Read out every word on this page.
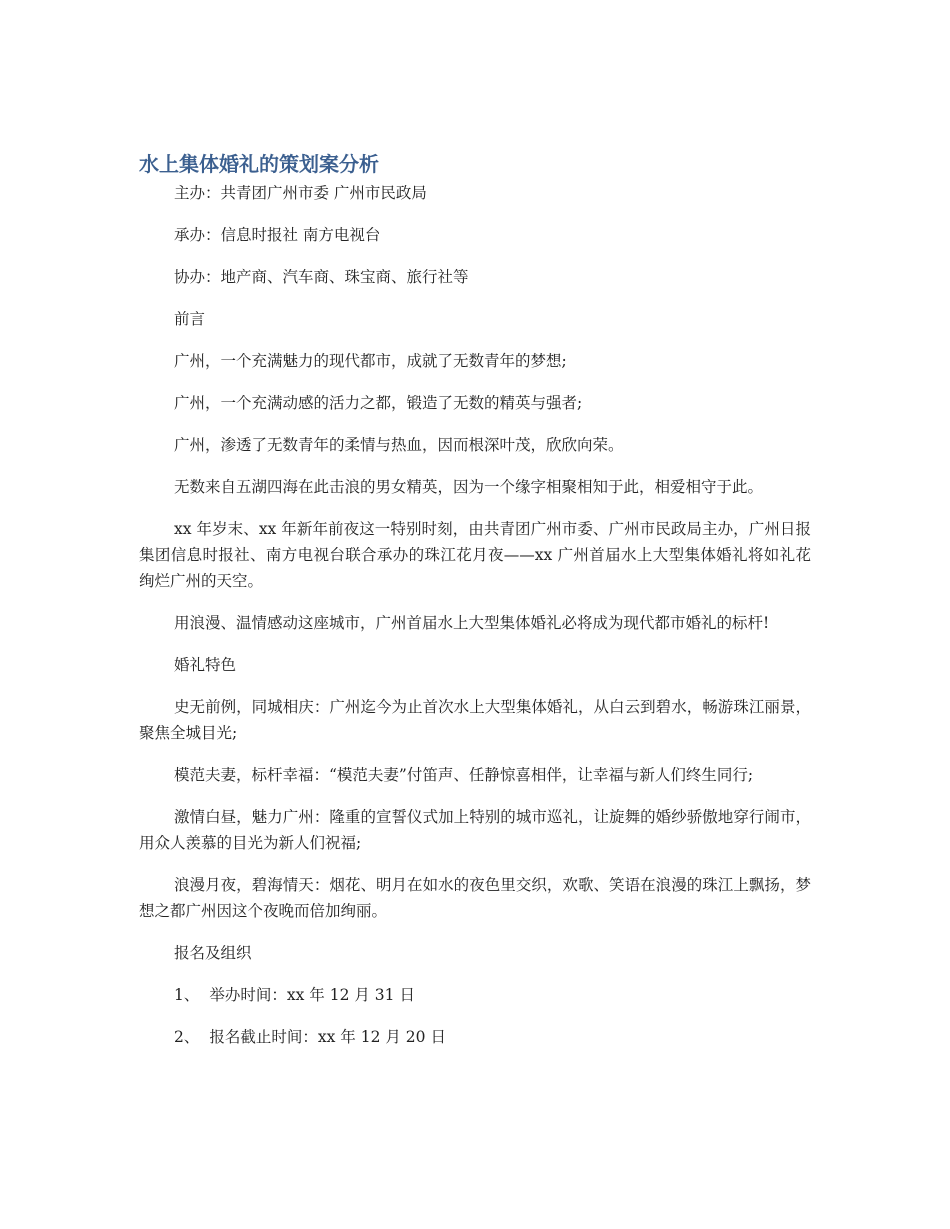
水上集体婚礼的策划案分析

主办：共青团广州市委 广州市民政局

承办：信息时报社 南方电视台

协办：地产商、汽车商、珠宝商、旅行社等

前言

广州，一个充满魅力的现代都市，成就了无数青年的梦想;

广州，一个充满动感的活力之都，锻造了无数的精英与强者;

广州，渗透了无数青年的柔情与热血，因而根深叶茂，欣欣向荣。

无数来自五湖四海在此击浪的男女精英，因为一个缘字相聚相知于此，相爱相守于此。

xx 年岁末、xx 年新年前夜这一特别时刻，由共青团广州市委、广州市民政局主办，广州日报集团信息时报社、南方电视台联合承办的珠江花月夜——xx 广州首届水上大型集体婚礼将如礼花绚烂广州的天空。

用浪漫、温情感动这座城市，广州首届水上大型集体婚礼必将成为现代都市婚礼的标杆!

婚礼特色

史无前例，同城相庆：广州迄今为止首次水上大型集体婚礼，从白云到碧水，畅游珠江丽景，聚焦全城目光;

模范夫妻，标杆幸福：“模范夫妻”付笛声、任静惊喜相伴，让幸福与新人们终生同行;

激情白昼，魅力广州：隆重的宣誓仪式加上特别的城市巡礼，让旋舞的婚纱骄傲地穿行闹市，用众人羡慕的目光为新人们祝福;

浪漫月夜，碧海情天：烟花、明月在如水的夜色里交织，欢歌、笑语在浪漫的珠江上飘扬，梦想之都广州因这个夜晚而倍加绚丽。

报名及组织

1、 举办时间：xx 年 12 月 31 日
2、 报名截止时间：xx 年 12 月 20 日
